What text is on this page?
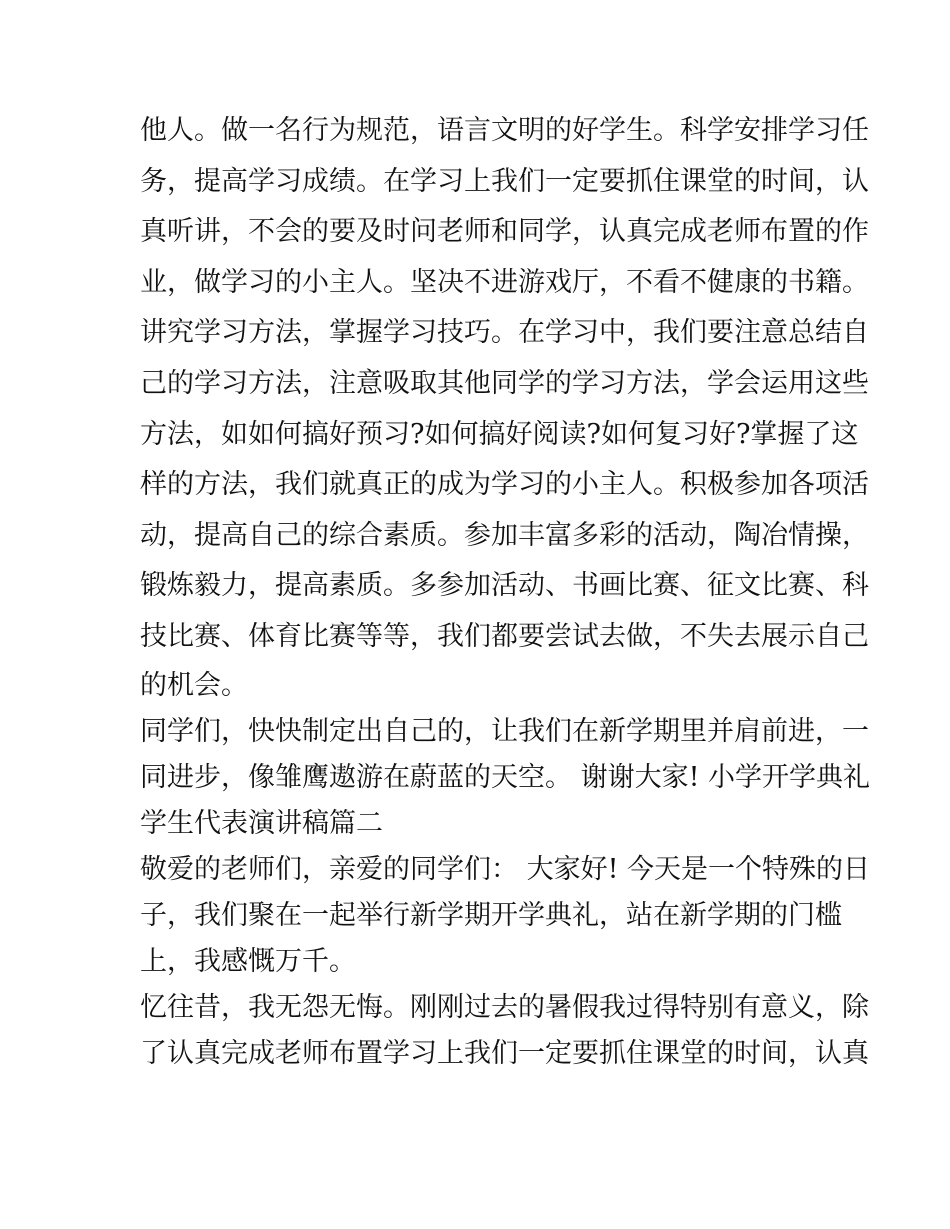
他人。做一名行为规范，语言文明的好学生。科学安排学习任
务，提高学习成绩。在学习上我们一定要抓住课堂的时间，认
真听讲，不会的要及时问老师和同学，认真完成老师布置的作
业，做学习的小主人。坚决不进游戏厅，不看不健康的书籍。
讲究学习方法，掌握学习技巧。在学习中，我们要注意总结自
己的学习方法，注意吸取其他同学的学习方法，学会运用这些
方法，如如何搞好预习?如何搞好阅读?如何复习好?掌握了这
样的方法，我们就真正的成为学习的小主人。积极参加各项活
动，提高自己的综合素质。参加丰富多彩的活动，陶冶情操，
锻炼毅力，提高素质。多参加活动、书画比赛、征文比赛、科
技比赛、体育比赛等等，我们都要尝试去做，不失去展示自己
的机会。
同学们，快快制定出自己的，让我们在新学期里并肩前进，一
同进步，像雏鹰遨游在蔚蓝的天空。 谢谢大家! 小学开学典礼
学生代表演讲稿篇二
敬爱的老师们，亲爱的同学们： 大家好! 今天是一个特殊的日
子，我们聚在一起举行新学期开学典礼，站在新学期的门槛
上，我感慨万千。
忆往昔，我无怨无悔。刚刚过去的暑假我过得特别有意义，除
了认真完成老师布置学习上我们一定要抓住课堂的时间，认真
